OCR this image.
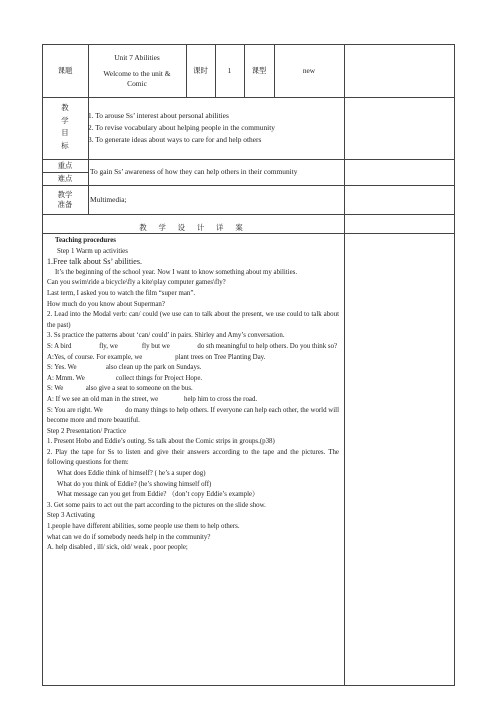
课题
Unit 7 Abilities
Welcome to the unit &
Comic
课时	1	课型	new
教
学
目
标
1. To arouse Ss’ interest about personal abilities
2. To revise vocabulary about helping people in the community
3. To generate ideas about ways to care for and help others
重点
难点
To gain Ss’ awareness of how they can help others in their community
教学
准备
Multimedia;
教 学 设 计 详 案
Teaching procedures
Step 1 Warm up activities
1.Free talk about Ss’ abilities.
It’s the beginning of the school year. Now I want to know something about my abilities.
Can you swim\ride a bicycle\fly a kite\play computer games\fly?
Last term, I asked you to watch the film “super man”.
How much do you know about Superman?
2. Lead into the Modal verb: can/ could (we use can to talk about the present, we use could to talk about the past)
3. Ss practice the patterns about ‘can/ could’ in pairs. Shirley and Amy’s conversation.
S: A bird                fly, we              fly but we                do sth meaningful to help others. Do you think so?
A:Yes, of course. For example, we                   plant trees on Tree Planting Day.
S: Yes. We                 also clean up the park on Sundays.
A: Mmm. We                  collect things for Project Hope.
S: We             also give a seat to someone on the bus.
A: If we see an old man in the street, we               help him to cross the road.
S: You are right. We             do many things to help others. If everyone can help each other, the world will become more and more beautiful.
Step 2 Presentation/ Practice
1. Present Hobo and Eddie’s outing. Ss talk about the Comic strips in groups.(p38)
2. Play the tape for Ss to listen and give their answers according to the tape and the pictures. The following questions for them:
What does Eddie think of himself? ( he’s a super dog)
What do you think of Eddie? (he’s showing himself off)
What message can you get from Eddie? （don’t copy Eddie’s example）
3. Get some pairs to act out the part according to the pictures on the slide show.
Step 3 Activating
1.people have different abilities, some people use them to help others.
what can we do if somebody needs help in the community?
A. help disabled , ill/ sick, old/ weak , poor people;
